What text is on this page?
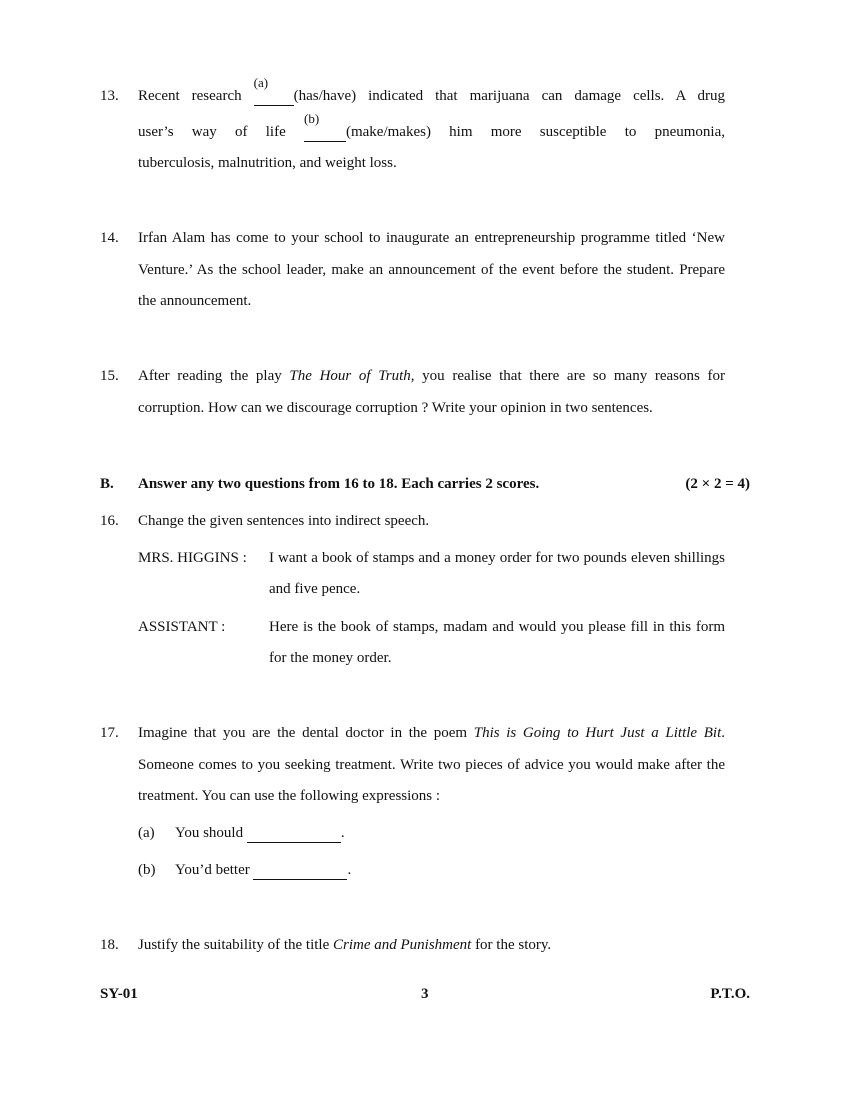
13. Recent research
(a)
(has/have) indicated that marijuana can damage cells. A drug
user’s way of life
(b)
(make/makes) him more susceptible to pneumonia,
tuberculosis, malnutrition, and weight loss.
14. Irfan Alam has come to your school to inaugurate an entrepreneurship programme titled ‘New Venture.’ As the school leader, make an announcement of the event before the student. Prepare the announcement.

15. After reading the play The Hour of Truth, you realise that there are so many reasons for corruption. How can we discourage corruption ? Write your opinion in two sentences.

B. Answer any two questions from 16 to 18. Each carries 2 scores.	(2 × 2 = 4)
16. Change the given sentences into indirect speech.
MRS. HIGGINS : I want a book of stamps and a money order for two pounds eleven shillings and five pence.

ASSISTANT :	Here is the book of stamps, madam and would you please fill in this form for the money order.

17. Imagine that you are the dental doctor in the poem This is Going to Hurt Just a Little Bit. Someone comes to you seeking treatment. Write two pieces of advice you would make after the treatment. You can use the following expressions :

(a) You should	.
(b) You’d better	.
18. Justify the suitability of the title Crime and Punishment for the story.
SY-01	3	P.T.O.
